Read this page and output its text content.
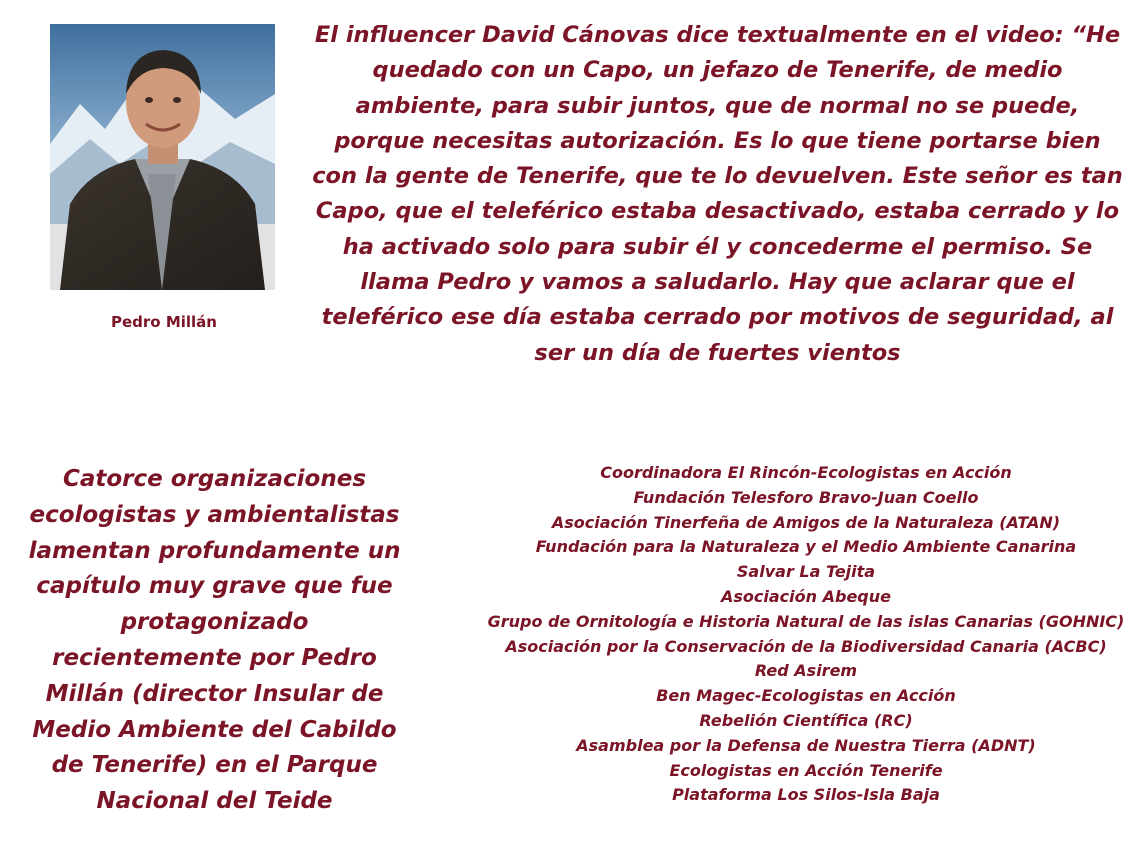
Pedro Millán

El influencer David Cánovas dice textualmente en el video: “He quedado con un Capo, un jefazo de Tenerife, de medio ambiente, para subir juntos, que de normal no se puede, porque necesitas autorización. Es lo que tiene portarse bien con la gente de Tenerife, que te lo devuelven. Este señor es tan Capo, que el teleférico estaba desactivado, estaba cerrado y lo ha activado solo para subir él y concederme el permiso. Se llama Pedro y vamos a saludarlo. Hay que aclarar que el teleférico ese día estaba cerrado por motivos de seguridad, al ser un día de fuertes vientos

Catorce organizaciones ecologistas y ambientalistas lamentan profundamente un capítulo muy grave que fue protagonizado recientemente por Pedro Millán (director Insular de Medio Ambiente del Cabildo de Tenerife) en el Parque Nacional del Teide

Coordinadora El Rincón-Ecologistas en Acción
Fundación Telesforo Bravo-Juan Coello
Asociación Tinerfeña de Amigos de la Naturaleza (ATAN)
Fundación para la Naturaleza y el Medio Ambiente Canarina
Salvar La Tejita
Asociación Abeque
Grupo de Ornitología e Historia Natural de las islas Canarias (GOHNIC)
Asociación por la Conservación de la Biodiversidad Canaria (ACBC)
Red Asirem
Ben Magec-Ecologistas en Acción
Rebelión Científica (RC)
Asamblea por la Defensa de Nuestra Tierra (ADNT)
Ecologistas en Acción Tenerife
Plataforma Los Silos-Isla Baja
